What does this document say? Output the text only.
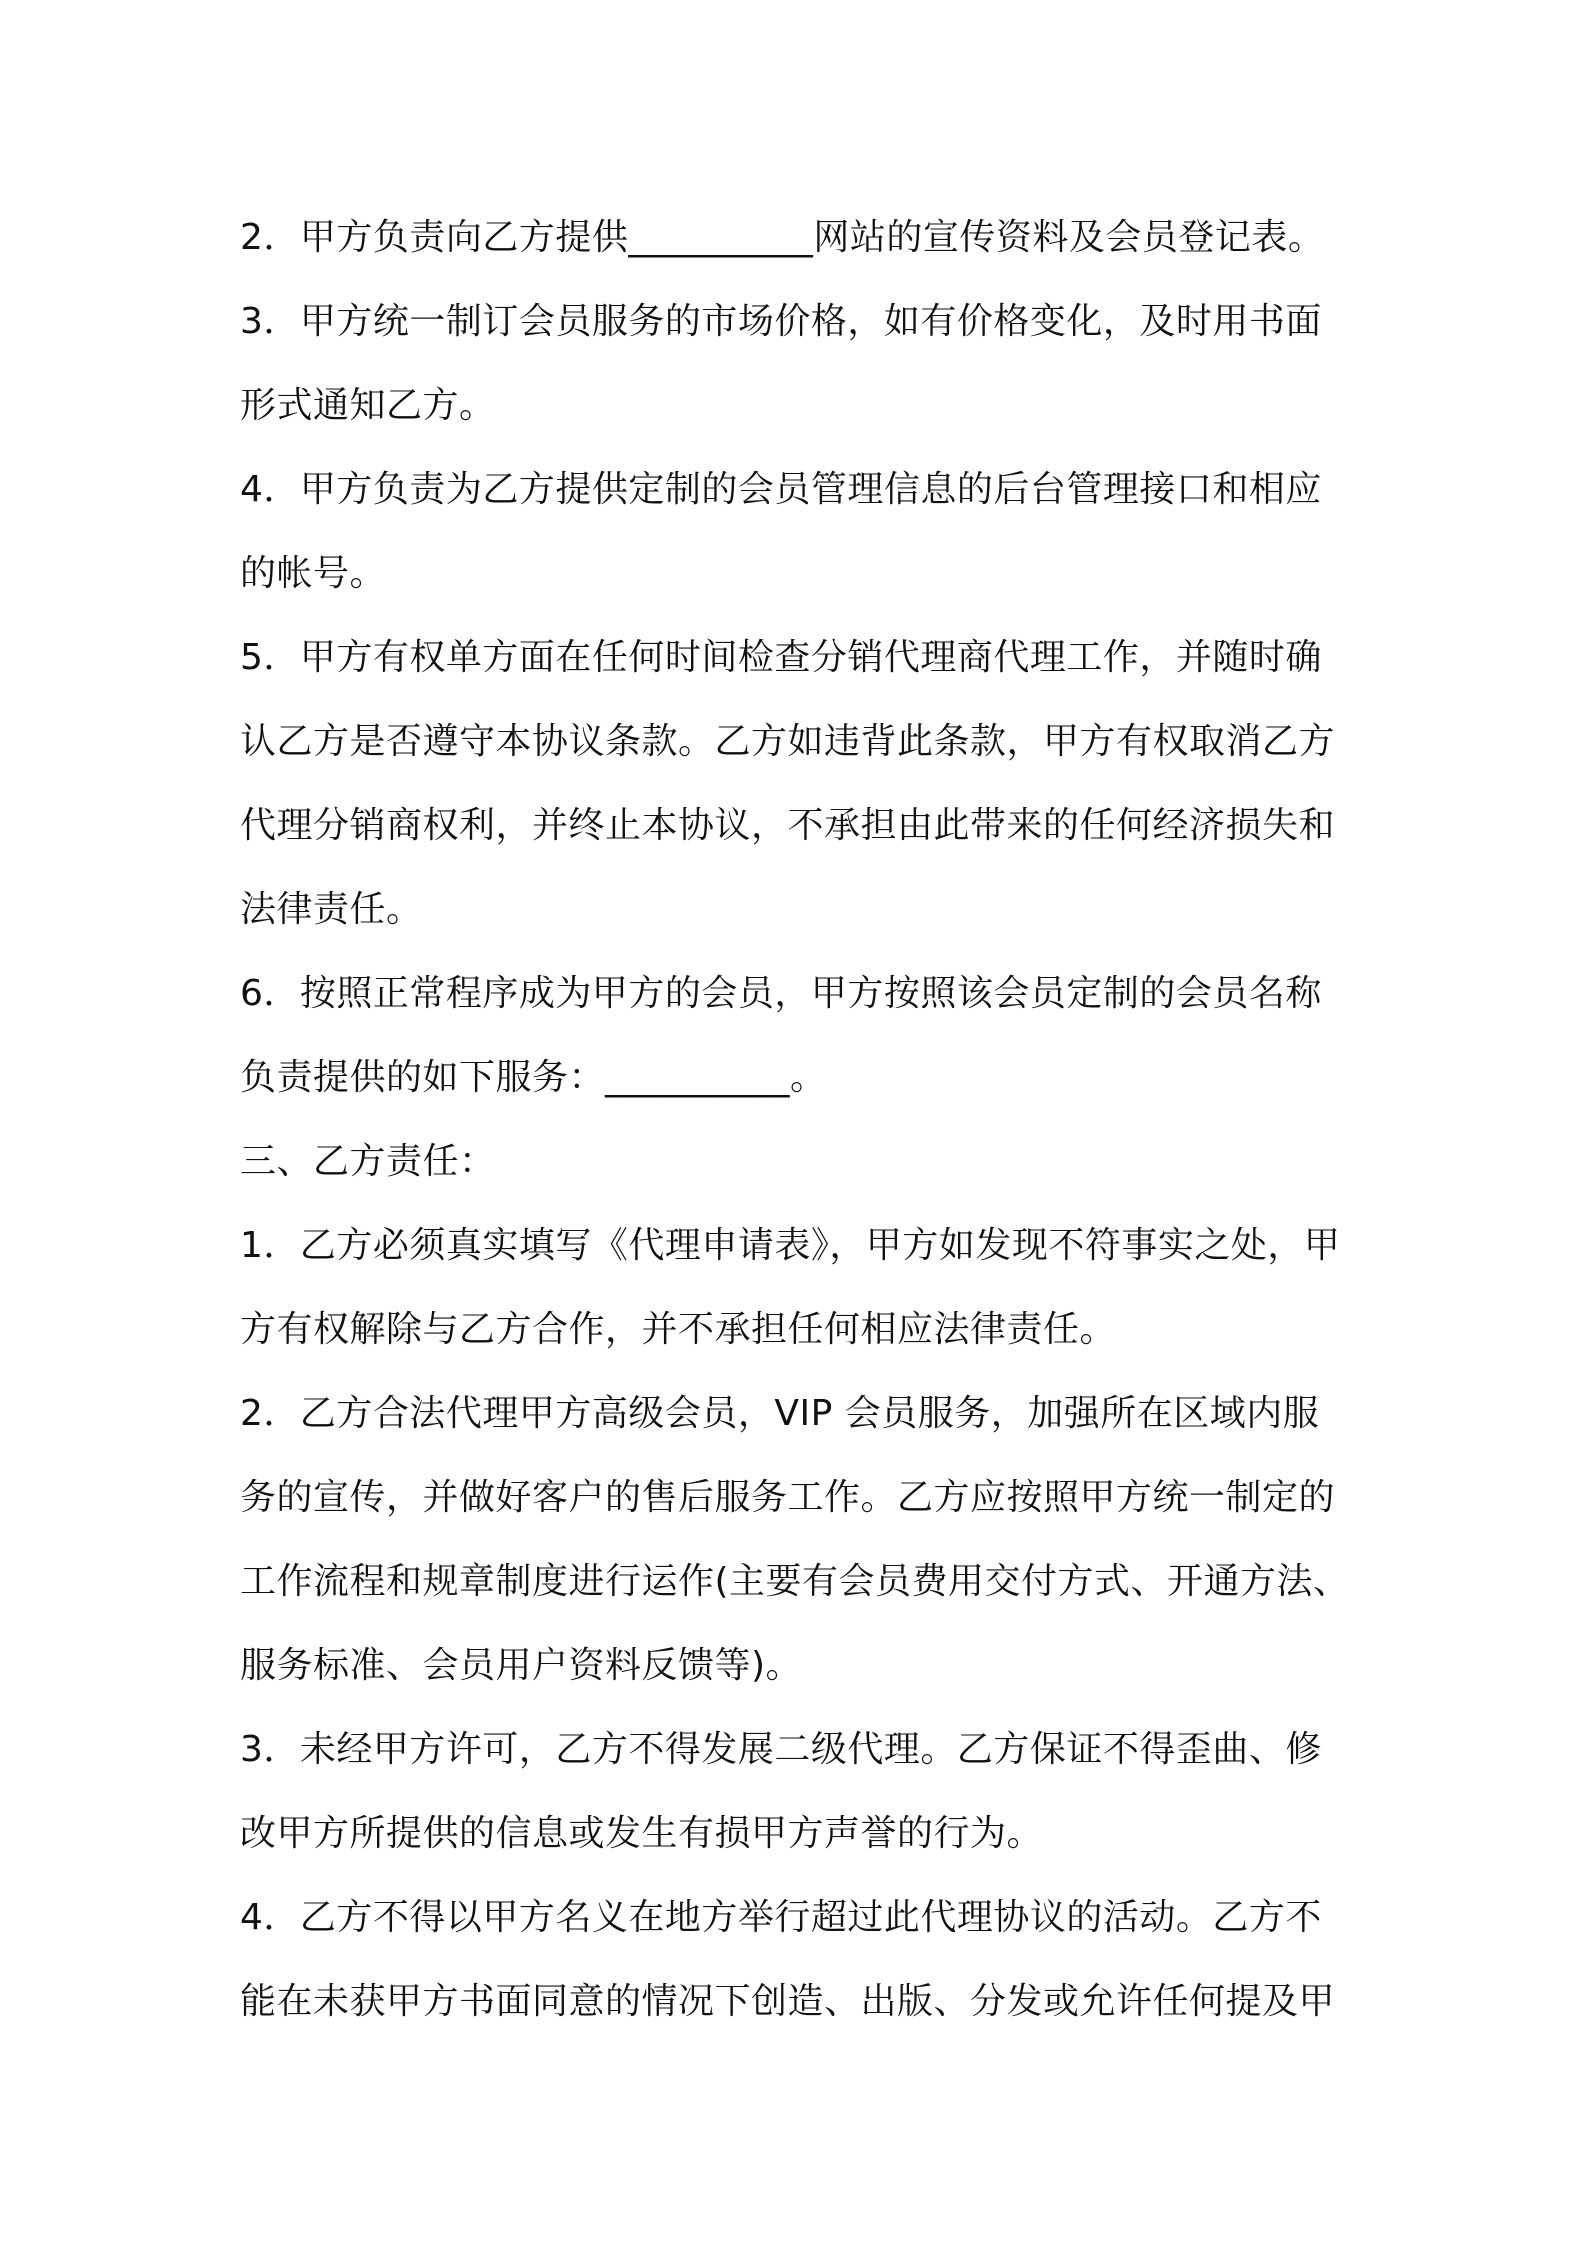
2．甲方负责向乙方提供__________网站的宣传资料及会员登记表。

3．甲方统一制订会员服务的市场价格，如有价格变化，及时用书面

形式通知乙方。

4．甲方负责为乙方提供定制的会员管理信息的后台管理接口和相应

的帐号。

5．甲方有权单方面在任何时间检查分销代理商代理工作，并随时确

认乙方是否遵守本协议条款。乙方如违背此条款，甲方有权取消乙方

代理分销商权利，并终止本协议，不承担由此带来的任何经济损失和

法律责任。

6．按照正常程序成为甲方的会员，甲方按照该会员定制的会员名称

负责提供的如下服务：__________。

三、乙方责任：

1．乙方必须真实填写《代理申请表》，甲方如发现不符事实之处，甲

方有权解除与乙方合作，并不承担任何相应法律责任。

2．乙方合法代理甲方高级会员，VIP 会员服务，加强所在区域内服

务的宣传，并做好客户的售后服务工作。乙方应按照甲方统一制定的

工作流程和规章制度进行运作(主要有会员费用交付方式、开通方法、

服务标准、会员用户资料反馈等)。

3．未经甲方许可，乙方不得发展二级代理。乙方保证不得歪曲、修

改甲方所提供的信息或发生有损甲方声誉的行为。

4．乙方不得以甲方名义在地方举行超过此代理协议的活动。乙方不

能在未获甲方书面同意的情况下创造、出版、分发或允许任何提及甲
